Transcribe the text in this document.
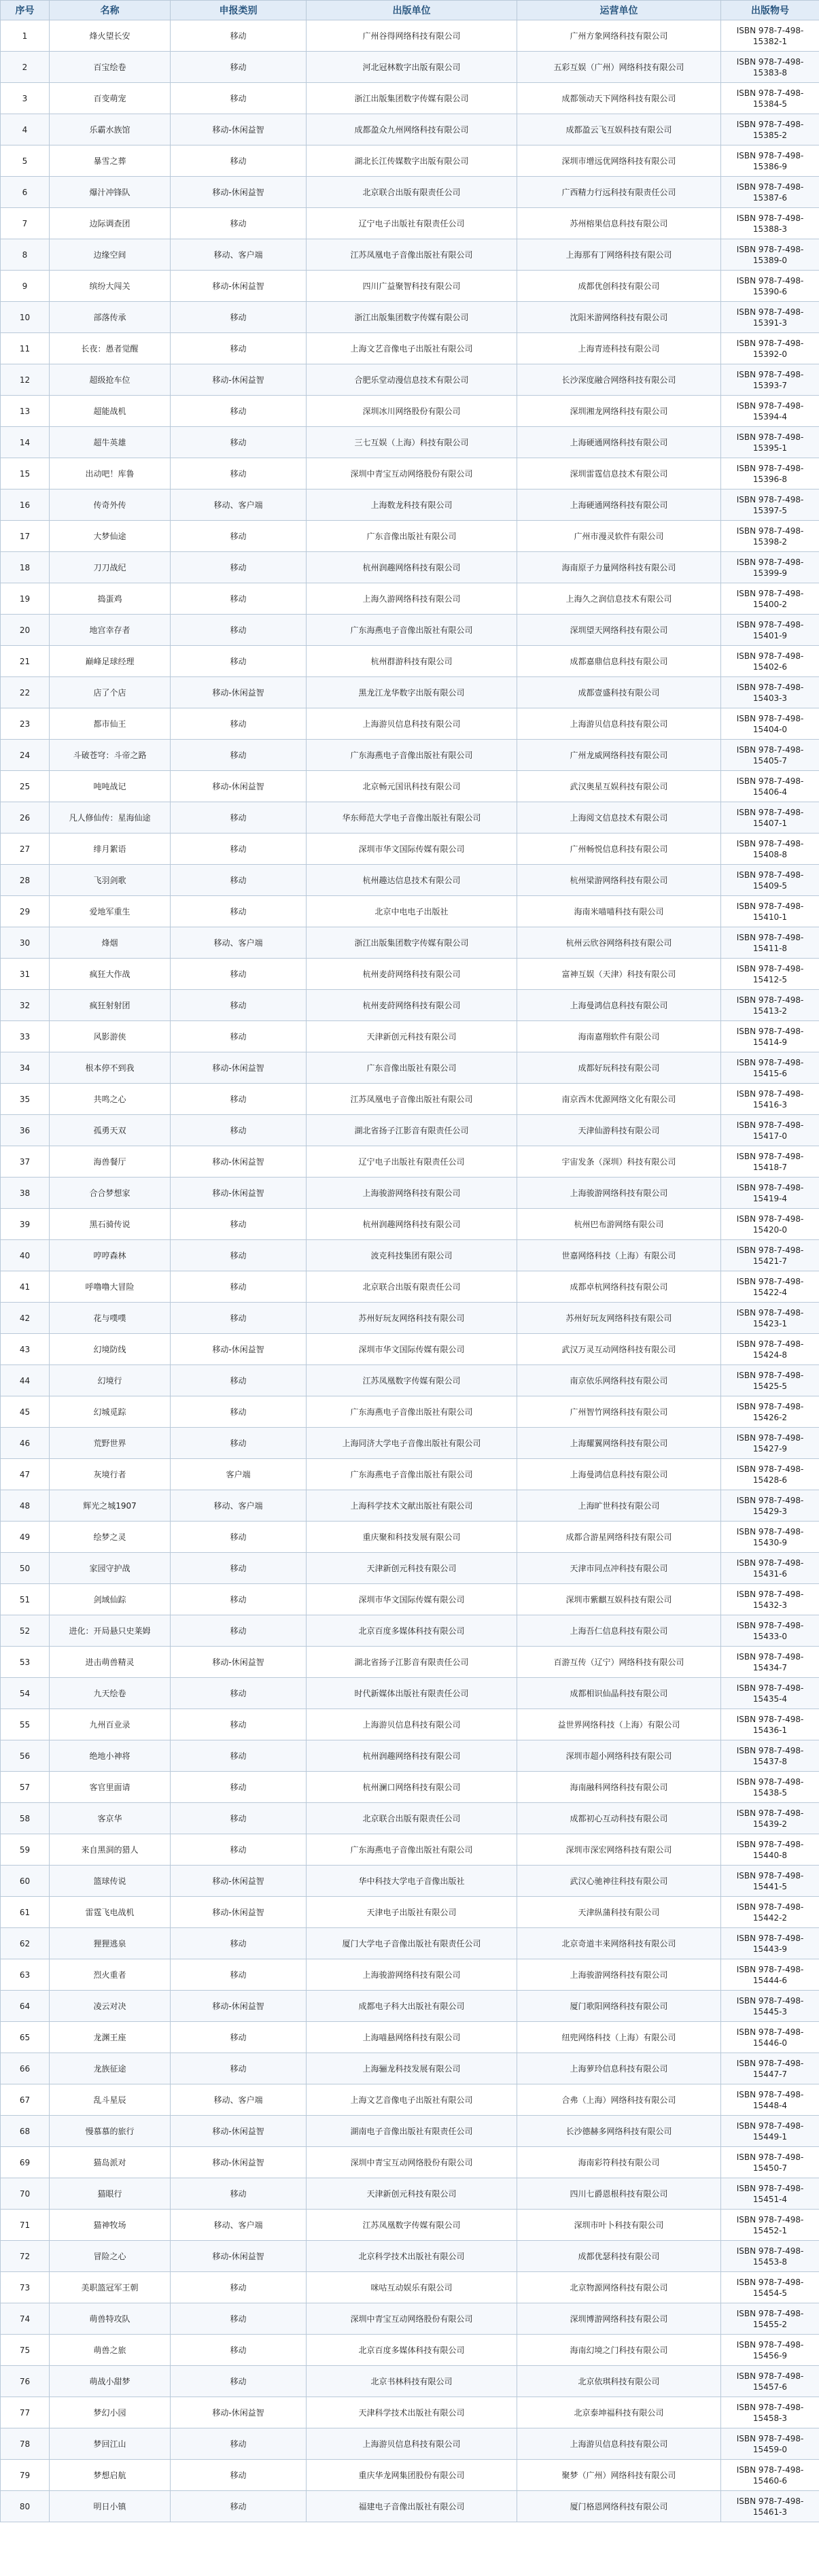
序号	名称	申报类别	出版单位	运营单位	出版物号
1	烽火望长安	移动	广州谷得网络科技有限公司	广州方象网络科技有限公司	ISBN 978-7-498-
15382-1

2	百宝绘卷	移动	河北冠林数字出版有限公司	五彩互娱（广州）网络科技有限公司	ISBN 978-7-498-
15383-8

3	百变萌宠	移动	浙江出版集团数字传媒有限公司	成都领动天下网络科技有限公司	ISBN 978-7-498-
15384-5

4	乐霸水族馆	移动-休闲益智	成都盈众九州网络科技有限公司	成都盈云飞互娱科技有限公司	ISBN 978-7-498-
15385-2

5	暴雪之葬	移动	湖北长江传媒数字出版有限公司	深圳市增远优网络科技有限公司	ISBN 978-7-498-
15386-9

6	爆汁冲锋队	移动-休闲益智	北京联合出版有限责任公司	广西精力行远科技有限责任公司	ISBN 978-7-498-
15387-6

7	边际调查团	移动	辽宁电子出版社有限责任公司	苏州榕果信息科技有限公司	ISBN 978-7-498-
15388-3

8	边缘空间	移动、客户端	江苏凤凰电子音像出版社有限公司	上海那有丁网络科技有限公司	ISBN 978-7-498-
15389-0

9	缤纷大闯关	移动-休闲益智	四川广益聚智科技有限公司	成都优创科技有限公司	ISBN 978-7-498-
15390-6

10	部落传承	移动	浙江出版集团数字传媒有限公司	沈阳米游网络科技有限公司	ISBN 978-7-498-
15391-3

11	长夜：愚者觉醒	移动	上海文艺音像电子出版社有限公司	上海青迹科技有限公司	ISBN 978-7-498-
15392-0

12	超级抢车位	移动-休闲益智	合肥乐堂动漫信息技术有限公司	长沙深度融合网络科技有限公司	ISBN 978-7-498-
15393-7

13	超能战机	移动	深圳冰川网络股份有限公司	深圳湘龙网络科技有限公司	ISBN 978-7-498-
15394-4

14	超牛英雄	移动	三七互娱（上海）科技有限公司	上海硬通网络科技有限公司	ISBN 978-7-498-
15395-1

15	出动吧！库鲁	移动	深圳中青宝互动网络股份有限公司	深圳雷霆信息技术有限公司	ISBN 978-7-498-
15396-8

16	传奇外传	移动、客户端	上海数龙科技有限公司	上海硬通网络科技有限公司	ISBN 978-7-498-
15397-5

17	大梦仙途	移动	广东音像出版社有限公司	广州市漫灵软件有限公司	ISBN 978-7-498-
15398-2

18	刀刀战纪	移动	杭州润趣网络科技有限公司	海南原子力量网络科技有限公司	ISBN 978-7-498-
15399-9

19	捣蛋鸡	移动	上海久游网络科技有限公司	上海久之润信息技术有限公司	ISBN 978-7-498-
15400-2

20	地宫幸存者	移动	广东海燕电子音像出版社有限公司	深圳望天网络科技有限公司	ISBN 978-7-498-
15401-9

21	巅峰足球经理	移动	杭州群游科技有限公司	成都嘉鼎信息科技有限公司	ISBN 978-7-498-
15402-6

22	店了个店	移动-休闲益智	黑龙江龙华数字出版有限公司	成都壹盛科技有限公司	ISBN 978-7-498-
15403-3

23	都市仙王	移动	上海游贝信息科技有限公司	上海游贝信息科技有限公司	ISBN 978-7-498-
15404-0

24	斗破苍穹：斗帝之路	移动	广东海燕电子音像出版社有限公司	广州龙威网络科技有限公司	ISBN 978-7-498-
15405-7

25	吨吨战记	移动-休闲益智	北京畅元国讯科技有限公司	武汉奥星互娱科技有限公司	ISBN 978-7-498-
15406-4

26	凡人修仙传：星海仙途	移动	华东师范大学电子音像出版社有限公司	上海阅文信息技术有限公司	ISBN 978-7-498-
15407-1

27	绯月絮语	移动	深圳市华文国际传媒有限公司	广州畅悦信息科技有限公司	ISBN 978-7-498-
15408-8

28	飞羽剑歌	移动	杭州趣达信息技术有限公司	杭州梁游网络科技有限公司	ISBN 978-7-498-
15409-5

29	爱地军重生	移动	北京中电电子出版社	海南米喵喵科技有限公司	ISBN 978-7-498-
15410-1

30	烽烟	移动、客户端	浙江出版集团数字传媒有限公司	杭州云欣谷网络科技有限公司	ISBN 978-7-498-
15411-8

31	疯狂大作战	移动	杭州麦莳网络科技有限公司	富神互娱（天津）科技有限公司	ISBN 978-7-498-
15412-5

32	疯狂射射团	移动	杭州麦莳网络科技有限公司	上海曼鸿信息科技有限公司	ISBN 978-7-498-
15413-2

33	风影游侠	移动	天津新创元科技有限公司	海南嘉翔软件有限公司	ISBN 978-7-498-
15414-9

34	根本停不到我	移动-休闲益智	广东音像出版社有限公司	成都好玩科技有限公司	ISBN 978-7-498-
15415-6

35	共鸣之心	移动	江苏凤凰电子音像出版社有限公司	南京西木优源网络文化有限公司	ISBN 978-7-498-
15416-3

36	孤勇天双	移动	湖北省扬子江影音有限责任公司	天津仙游科技有限公司	ISBN 978-7-498-
15417-0

37	海兽餐厅	移动-休闲益智	辽宁电子出版社有限责任公司	宇宙发条（深圳）科技有限公司	ISBN 978-7-498-
15418-7

38	合合梦想家	移动-休闲益智	上海骏游网络科技有限公司	上海骏游网络科技有限公司	ISBN 978-7-498-
15419-4

39	黑石骑传说	移动	杭州润趣网络科技有限公司	杭州巴布游网络有限公司	ISBN 978-7-498-
15420-0

40	哼哼森林	移动	波克科技集团有限公司	世嘉网络科技（上海）有限公司	ISBN 978-7-498-
15421-7

41	呼噜噜大冒险	移动	北京联合出版有限责任公司	成都卓杭网络科技有限公司	ISBN 978-7-498-
15422-4

42	花与噗噗	移动	苏州好玩友网络科技有限公司	苏州好玩友网络科技有限公司	ISBN 978-7-498-
15423-1

43	幻境防线	移动-休闲益智	深圳市华文国际传媒有限公司	武汉万灵互动网络科技有限公司	ISBN 978-7-498-
15424-8

44	幻境行	移动	江苏凤凰数字传媒有限公司	南京依乐网络科技有限公司	ISBN 978-7-498-
15425-5

45	幻城觅踪	移动	广东海燕电子音像出版社有限公司	广州智竹网络科技有限公司	ISBN 978-7-498-
15426-2

46	荒野世界	移动	上海同济大学电子音像出版社有限公司	上海耀翼网络科技有限公司	ISBN 978-7-498-
15427-9

47	灰境行者	客户端	广东海燕电子音像出版社有限公司	上海曼鸿信息科技有限公司	ISBN 978-7-498-
15428-6

48	辉光之城1907	移动、客户端	上海科学技术文献出版社有限公司	上海旷世科技有限公司	ISBN 978-7-498-
15429-3

49	绘梦之灵	移动	重庆聚和科技发展有限公司	成都合游星网络科技有限公司	ISBN 978-7-498-
15430-9

50	家园守护战	移动	天津新创元科技有限公司	天津市同点冲科技有限公司	ISBN 978-7-498-
15431-6

51	剑域仙踪	移动	深圳市华文国际传媒有限公司	深圳市紫麒互娱科技有限公司	ISBN 978-7-498-
15432-3

52	进化：开局悬只史莱姆	移动	北京百度多媒体科技有限公司	上海吾仁信息科技有限公司	ISBN 978-7-498-
15433-0

53	进击萌兽精灵	移动-休闲益智	湖北省扬子江影音有限责任公司	百游互传（辽宁）网络科技有限公司	ISBN 978-7-498-
15434-7

54	九天绘卷	移动	时代新媒体出版社有限责任公司	成都相识仙晶科技有限公司	ISBN 978-7-498-
15435-4

55	九州百业录	移动	上海游贝信息科技有限公司	益世界网络科技（上海）有限公司	ISBN 978-7-498-
15436-1

56	绝地小神将	移动	杭州润趣网络科技有限公司	深圳市超小网络科技有限公司	ISBN 978-7-498-
15437-8

57	客官里面请	移动	杭州澜口网络科技有限公司	海南融科网络科技有限公司	ISBN 978-7-498-
15438-5

58	客京华	移动	北京联合出版有限责任公司	成都初心互动科技有限公司	ISBN 978-7-498-
15439-2

59	来自黑洞的猎人	移动	广东海燕电子音像出版社有限公司	深圳市深宏网络科技有限公司	ISBN 978-7-498-
15440-8

60	篮球传说	移动-休闲益智	华中科技大学电子音像出版社	武汉心驰神往科技有限公司	ISBN 978-7-498-
15441-5

61	雷霆飞电战机	移动-休闲益智	天津电子出版社有限公司	天津纵蒲科技有限公司	ISBN 978-7-498-
15442-2

62	狸狸逃泉	移动	厦门大学电子音像出版社有限责任公司	北京奇道丰来网络科技有限公司	ISBN 978-7-498-
15443-9

63	烈火重者	移动	上海骏游网络科技有限公司	上海骏游网络科技有限公司	ISBN 978-7-498-
15444-6

64	凌云对决	移动-休闲益智	成都电子科大出版社有限公司	厦门歌阳网络科技有限公司	ISBN 978-7-498-
15445-3

65	龙渊王座	移动	上海喵悬网络科技有限公司	纽兜网络科技（上海）有限公司	ISBN 978-7-498-
15446-0

66	龙族征途	移动	上海骊龙科技发展有限公司	上海萝玲信息科技有限公司	ISBN 978-7-498-
15447-7

67	乱斗星辰	移动、客户端	上海文艺音像电子出版社有限公司	合弗（上海）网络科技有限公司	ISBN 978-7-498-
15448-4

68	慢慕慕的旅行	移动-休闲益智	湖南电子音像出版社有限责任公司	长沙德赫多网络科技有限公司	ISBN 978-7-498-
15449-1

69	猫岛派对	移动-休闲益智	深圳中青宝互动网络股份有限公司	海南彩符科技有限公司	ISBN 978-7-498-
15450-7

70	猫眼行	移动	天津新创元科技有限公司	四川七爵恩根科技有限公司	ISBN 978-7-498-
15451-4

71	猫神牧场	移动、客户端	江苏凤凰数字传媒有限公司	深圳市叶卜科技有限公司	ISBN 978-7-498-
15452-1

72	冒险之心	移动-休闲益智	北京科学技术出版社有限公司	成都优瑟科技有限公司	ISBN 978-7-498-
15453-8

73	美职篮冠军王朝	移动	咪咕互动娱乐有限公司	北京物源网络科技有限公司	ISBN 978-7-498-
15454-5

74	萌兽特攻队	移动	深圳中青宝互动网络股份有限公司	深圳博游网络科技有限公司	ISBN 978-7-498-
15455-2

75	萌兽之旅	移动	北京百度多媒体科技有限公司	海南幻境之门科技有限公司	ISBN 978-7-498-
15456-9

76	萌战小甜梦	移动	北京书林科技有限公司	北京依琪科技有限公司	ISBN 978-7-498-
15457-6

77	梦幻小园	移动-休闲益智	天津科学技术出版社有限公司	北京泰坤福科技有限公司	ISBN 978-7-498-
15458-3

78	梦回江山	移动	上海游贝信息科技有限公司	上海游贝信息科技有限公司	ISBN 978-7-498-
15459-0

79	梦想启航	移动	重庆华龙网集团股份有限公司	聚梦（广州）网络科技有限公司	ISBN 978-7-498-
15460-6

80	明日小镇	移动	福建电子音像出版社有限公司	厦门格恩网络科技有限公司	ISBN 978-7-498-
15461-3
